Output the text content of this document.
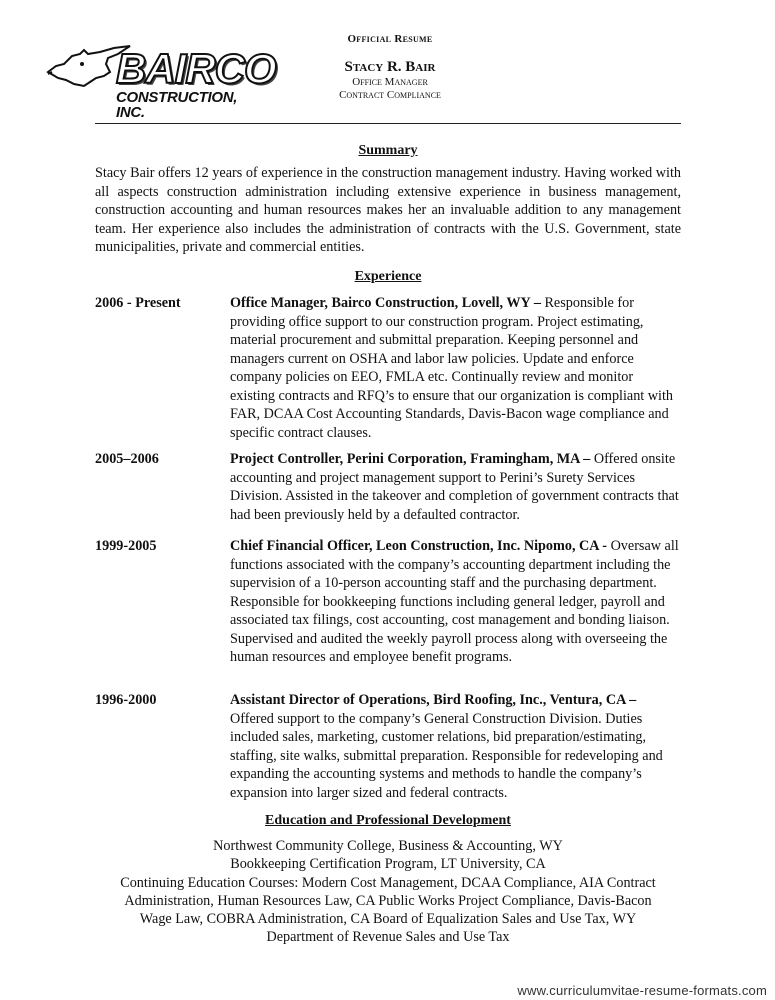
BAIRCO
CONSTRUCTION, INC.
Official Resume
Stacy R. Bair
Office Manager
Contract Compliance
Summary
Stacy Bair offers 12 years of experience in the construction management industry. Having worked with all aspects construction administration including extensive experience in business management, construction accounting and human resources makes her an invaluable addition to any management team. Her experience also includes the administration of contracts with the U.S. Government, state municipalities, private and commercial entities.
Experience
2006 - Present	Office Manager, Bairco Construction, Lovell, WY – Responsible for providing office support to our construction program. Project estimating, material procurement and submittal preparation. Keeping personnel and managers current on OSHA and labor law policies. Update and enforce company policies on EEO, FMLA etc. Continually review and monitor existing contracts and RFQ’s to ensure that our organization is compliant with FAR, DCAA Cost Accounting Standards, Davis-Bacon wage compliance and specific contract clauses.
2005–2006	Project Controller, Perini Corporation, Framingham, MA – Offered onsite accounting and project management support to Perini’s Surety Services Division. Assisted in the takeover and completion of government contracts that had been previously held by a defaulted contractor.
1999-2005	Chief Financial Officer, Leon Construction, Inc. Nipomo, CA - Oversaw all functions associated with the company’s accounting department including the supervision of a 10-person accounting staff and the purchasing department. Responsible for bookkeeping functions including general ledger, payroll and associated tax filings, cost accounting, cost management and bonding liaison. Supervised and audited the weekly payroll process along with overseeing the human resources and employee benefit programs.
1996-2000	Assistant Director of Operations, Bird Roofing, Inc., Ventura, CA – Offered support to the company’s General Construction Division. Duties included sales, marketing, customer relations, bid preparation/estimating, staffing, site walks, submittal preparation. Responsible for redeveloping and expanding the accounting systems and methods to handle the company’s expansion into larger sized and federal contracts.
Education and Professional Development
Northwest Community College, Business & Accounting, WY
Bookkeeping Certification Program, LT University, CA
Continuing Education Courses: Modern Cost Management, DCAA Compliance, AIA Contract
Administration, Human Resources Law, CA Public Works Project Compliance, Davis-Bacon
Wage Law, COBRA Administration, CA Board of Equalization Sales and Use Tax, WY
Department of Revenue Sales and Use Tax
www.curriculumvitae-resume-formats.com
